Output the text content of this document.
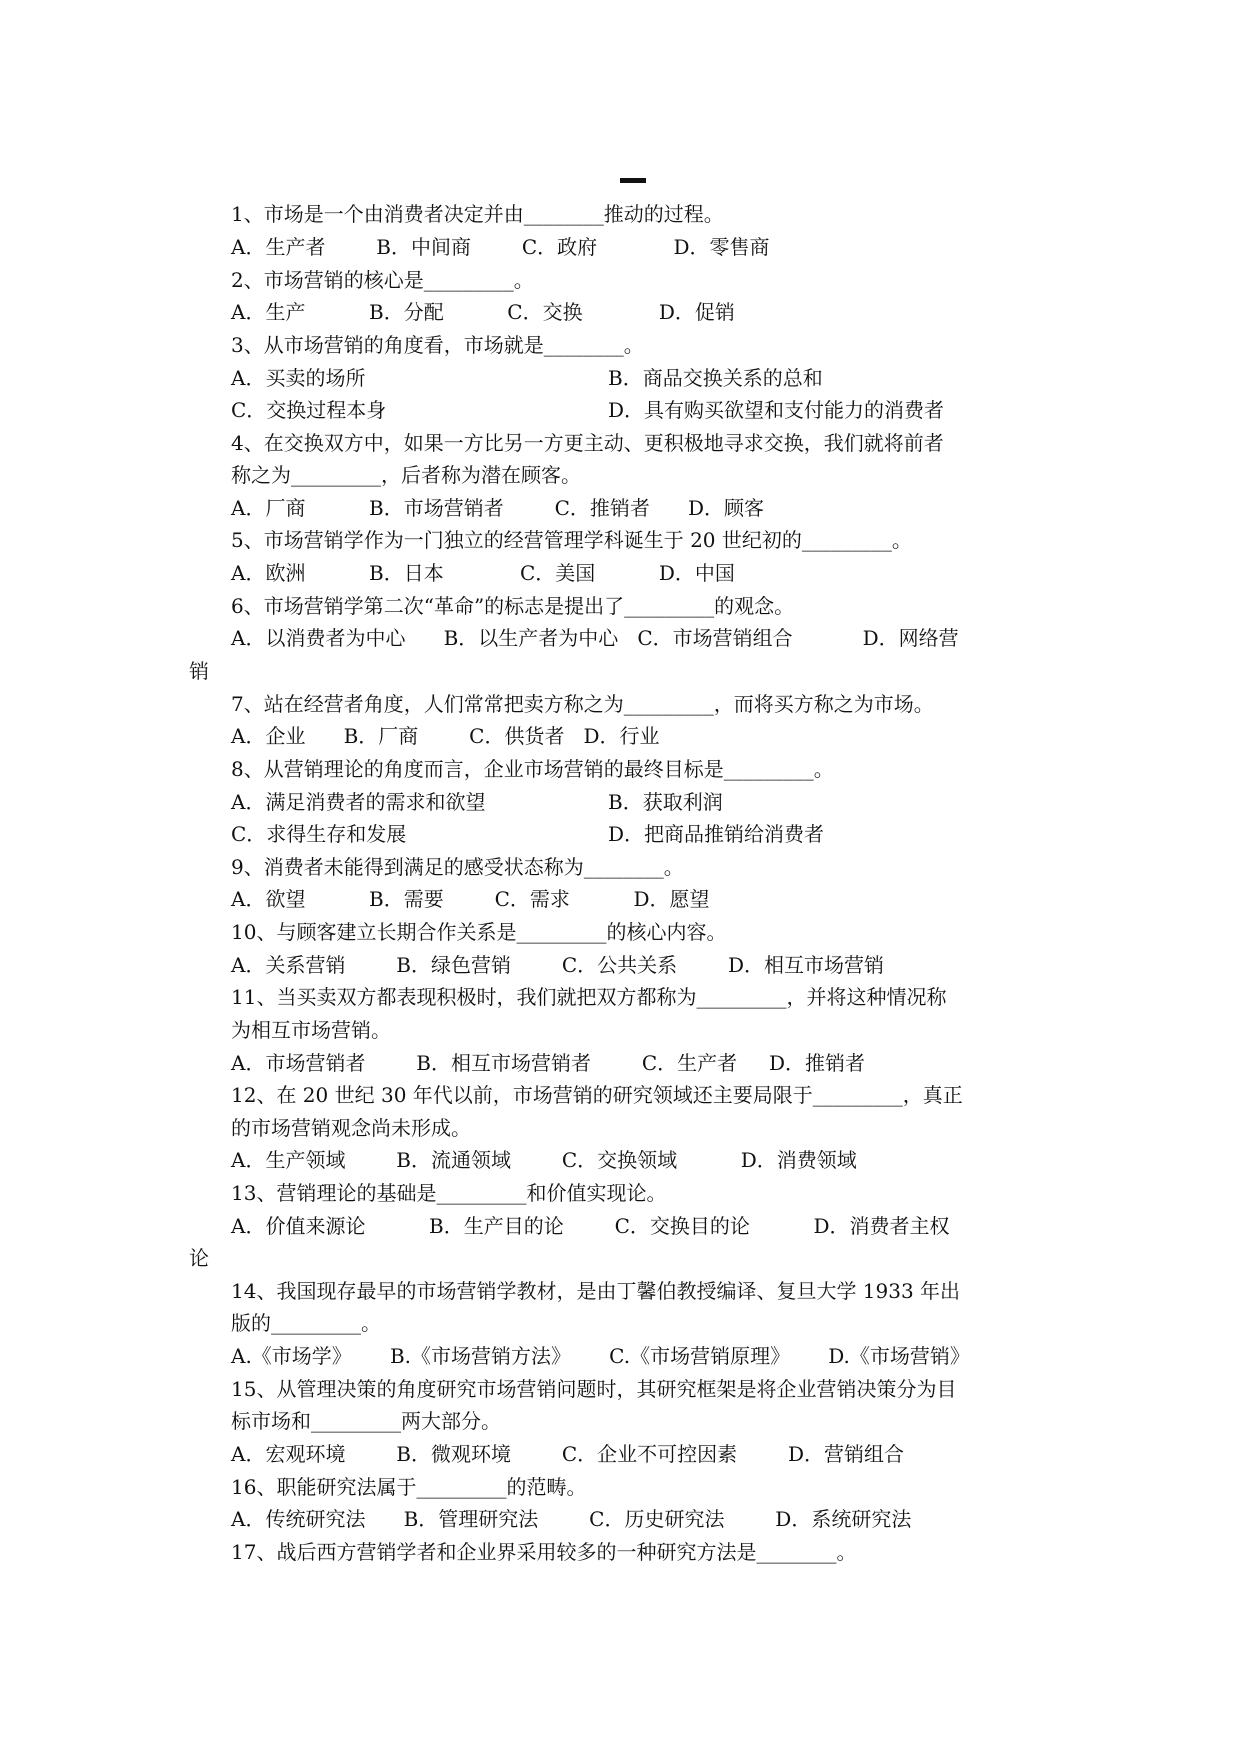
1、市场是一个由消费者决定并由________推动的过程。
A．生产者        B．中间商        C．政府            D．零售商
2、市场营销的核心是_________。
A．生产          B．分配          C．交换            D．促销
3、从市场营销的角度看，市场就是________。
A．买卖的场所
C．交换过程本身
4、在交换双方中，如果一方比另一方更主动、更积极地寻求交换，我们就将前者
称之为_________，后者称为潜在顾客。
A．厂商          B．市场营销者        C．推销者      D．顾客
5、市场营销学作为一门独立的经营管理学科诞生于 20 世纪初的_________。
A．欧洲          B．日本            C．美国          D．中国
6、市场营销学第二次“革命”的标志是提出了_________的观念。
A．以消费者为中心      B．以生产者为中心   C．市场营销组合           D．网络营
销
7、站在经营者角度，人们常常把卖方称之为_________，而将买方称之为市场。
A．企业      B．厂商        C．供货者   D．行业
8、从营销理论的角度而言，企业市场营销的最终目标是_________。
A．满足消费者的需求和欲望
C．求得生存和发展
9、消费者未能得到满足的感受状态称为________。
A．欲望          B．需要        C．需求          D．愿望
10、与顾客建立长期合作关系是_________的核心内容。
A．关系营销        B．绿色营销        C．公共关系        D．相互市场营销
11、当买卖双方都表现积极时，我们就把双方都称为_________，并将这种情况称
为相互市场营销。
A．市场营销者        B．相互市场营销者        C．生产者     D．推销者
12、在 20 世纪 30 年代以前，市场营销的研究领域还主要局限于_________，真正
的市场营销观念尚未形成。
A．生产领域        B．流通领域        C．交换领域          D．消费领域
13、营销理论的基础是_________和价值实现论。
A．价值来源论          B．生产目的论        C．交换目的论          D．消费者主权
论
14、我国现存最早的市场营销学教材，是由丁馨伯教授编译、复旦大学 1933 年出
版的_________。
A.《市场学》      B.《市场营销方法》      C.《市场营销原理》      D.《市场营销》
15、从管理决策的角度研究市场营销问题时，其研究框架是将企业营销决策分为目
标市场和_________两大部分。
A．宏观环境        B．微观环境        C．企业不可控因素        D．营销组合
16、职能研究法属于_________的范畴。
A．传统研究法      B．管理研究法        C．历史研究法        D．系统研究法
17、战后西方营销学者和企业界采用较多的一种研究方法是________。
B．商品交换关系的总和
D．具有购买欲望和支付能力的消费者
B．获取利润
D．把商品推销给消费者
